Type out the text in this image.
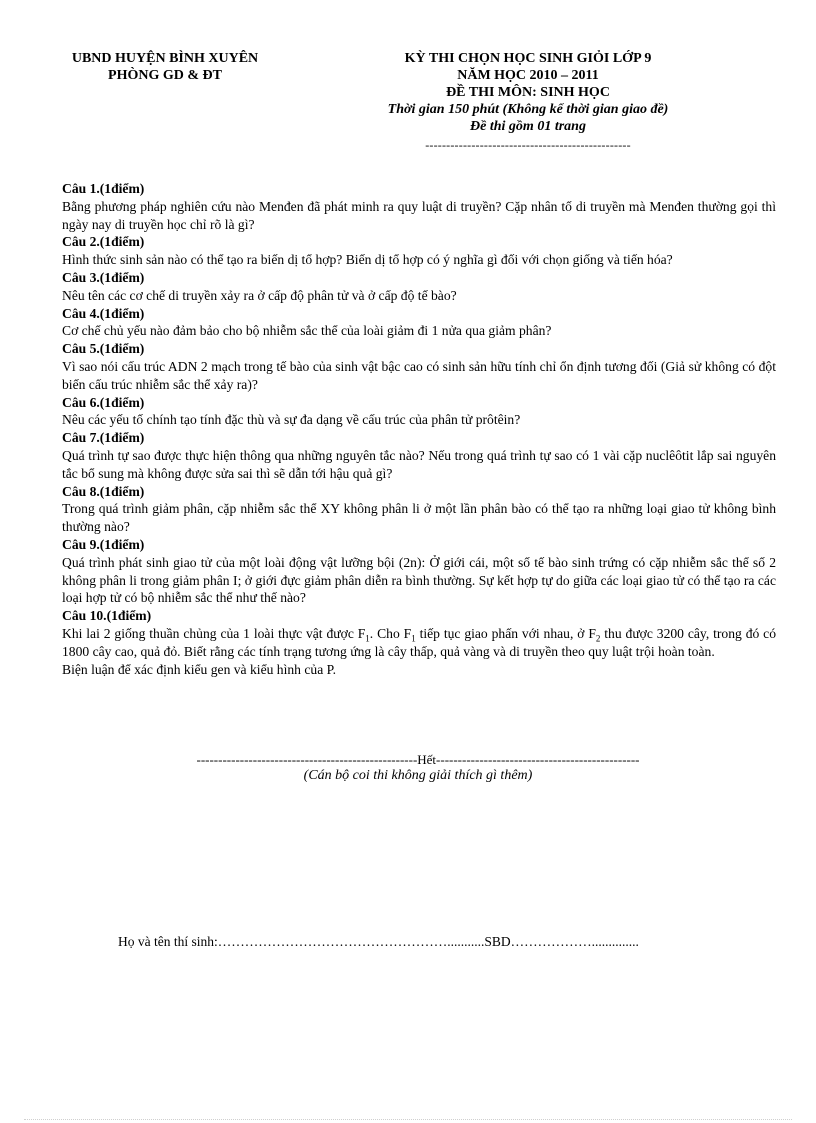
UBND HUYỆN BÌNH XUYÊN
PHÒNG GD & ĐT
KỲ THI CHỌN HỌC SINH GIỎI LỚP 9
NĂM HỌC 2010 – 2011
ĐỀ THI MÔN: SINH HỌC
Thời gian 150 phút (Không kể thời gian giao đề)
Đề thi gồm 01 trang
-------------------------------------------------
Câu 1.(1điểm)
Bằng phương pháp nghiên cứu nào Menđen đã phát minh ra quy luật di truyền? Cặp nhân tố di truyền mà Menđen thường gọi thì ngày nay di truyền học chỉ rõ là gì?
Câu 2.(1điểm)
Hình thức sinh sản nào có thể tạo ra biến dị tổ hợp? Biến dị tổ hợp có ý nghĩa gì đối với chọn giống và tiến hóa?
Câu 3.(1điểm)
Nêu tên các cơ chế di truyền xảy ra ở cấp độ phân tử và ở cấp độ tế bào?
Câu 4.(1điểm)
Cơ chế chủ yếu nào đảm bảo cho bộ nhiễm sắc thể của loài giảm đi 1 nửa qua giảm phân?
Câu 5.(1điểm)
Vì sao nói cấu trúc ADN 2 mạch trong tế bào của sinh vật bậc cao có sinh sản hữu tính chỉ ổn định tương đối (Giả sử không có đột biến cấu trúc nhiễm sắc thể xảy ra)?
Câu 6.(1điểm)
Nêu các yếu tố chính tạo tính đặc thù và sự đa dạng về cấu trúc của phân tử prôtêin?
Câu 7.(1điểm)
Quá trình tự sao được thực hiện thông qua những nguyên tắc nào? Nếu trong quá trình tự sao có 1 vài cặp nuclêôtit lắp sai nguyên tắc bổ sung mà không được sửa sai thì sẽ dẫn tới hậu quả gì?
Câu 8.(1điểm)
Trong quá trình giảm phân, cặp nhiễm sắc thể XY không phân li ở một lần phân bào có thể tạo ra những loại giao tử không bình thường nào?
Câu 9.(1điểm)
Quá trình phát sinh giao tử của một loài động vật lưỡng bội (2n): Ở giới cái, một số tế bào sinh trứng có cặp nhiễm sắc thể số 2 không phân li trong giảm phân I; ở giới đực giảm phân diễn ra bình thường. Sự kết hợp tự do giữa các loại giao tử có thể tạo ra các loại hợp tử có bộ nhiễm sắc thể như thế nào?
Câu 10.(1điểm)

Khi lai 2 giống thuần chủng của 1 loài thực vật được $F_1$. Cho $F_1$ tiếp tục giao phấn với nhau, ở $F_2$ thu được 3200 cây, trong đó có 1800 cây cao, quả đỏ. Biết rằng các tính trạng tương ứng là cây thấp, quả vàng và di truyền theo quy luật trội hoàn toàn.

Biện luận để xác định kiểu gen và kiểu hình của P.

---------------------------------------------------Hết-----------------------------------------------
(Cán bộ coi thi không giải thích gì thêm)
Họ và tên thí sinh:……………………………………………...........SBD………………..............
